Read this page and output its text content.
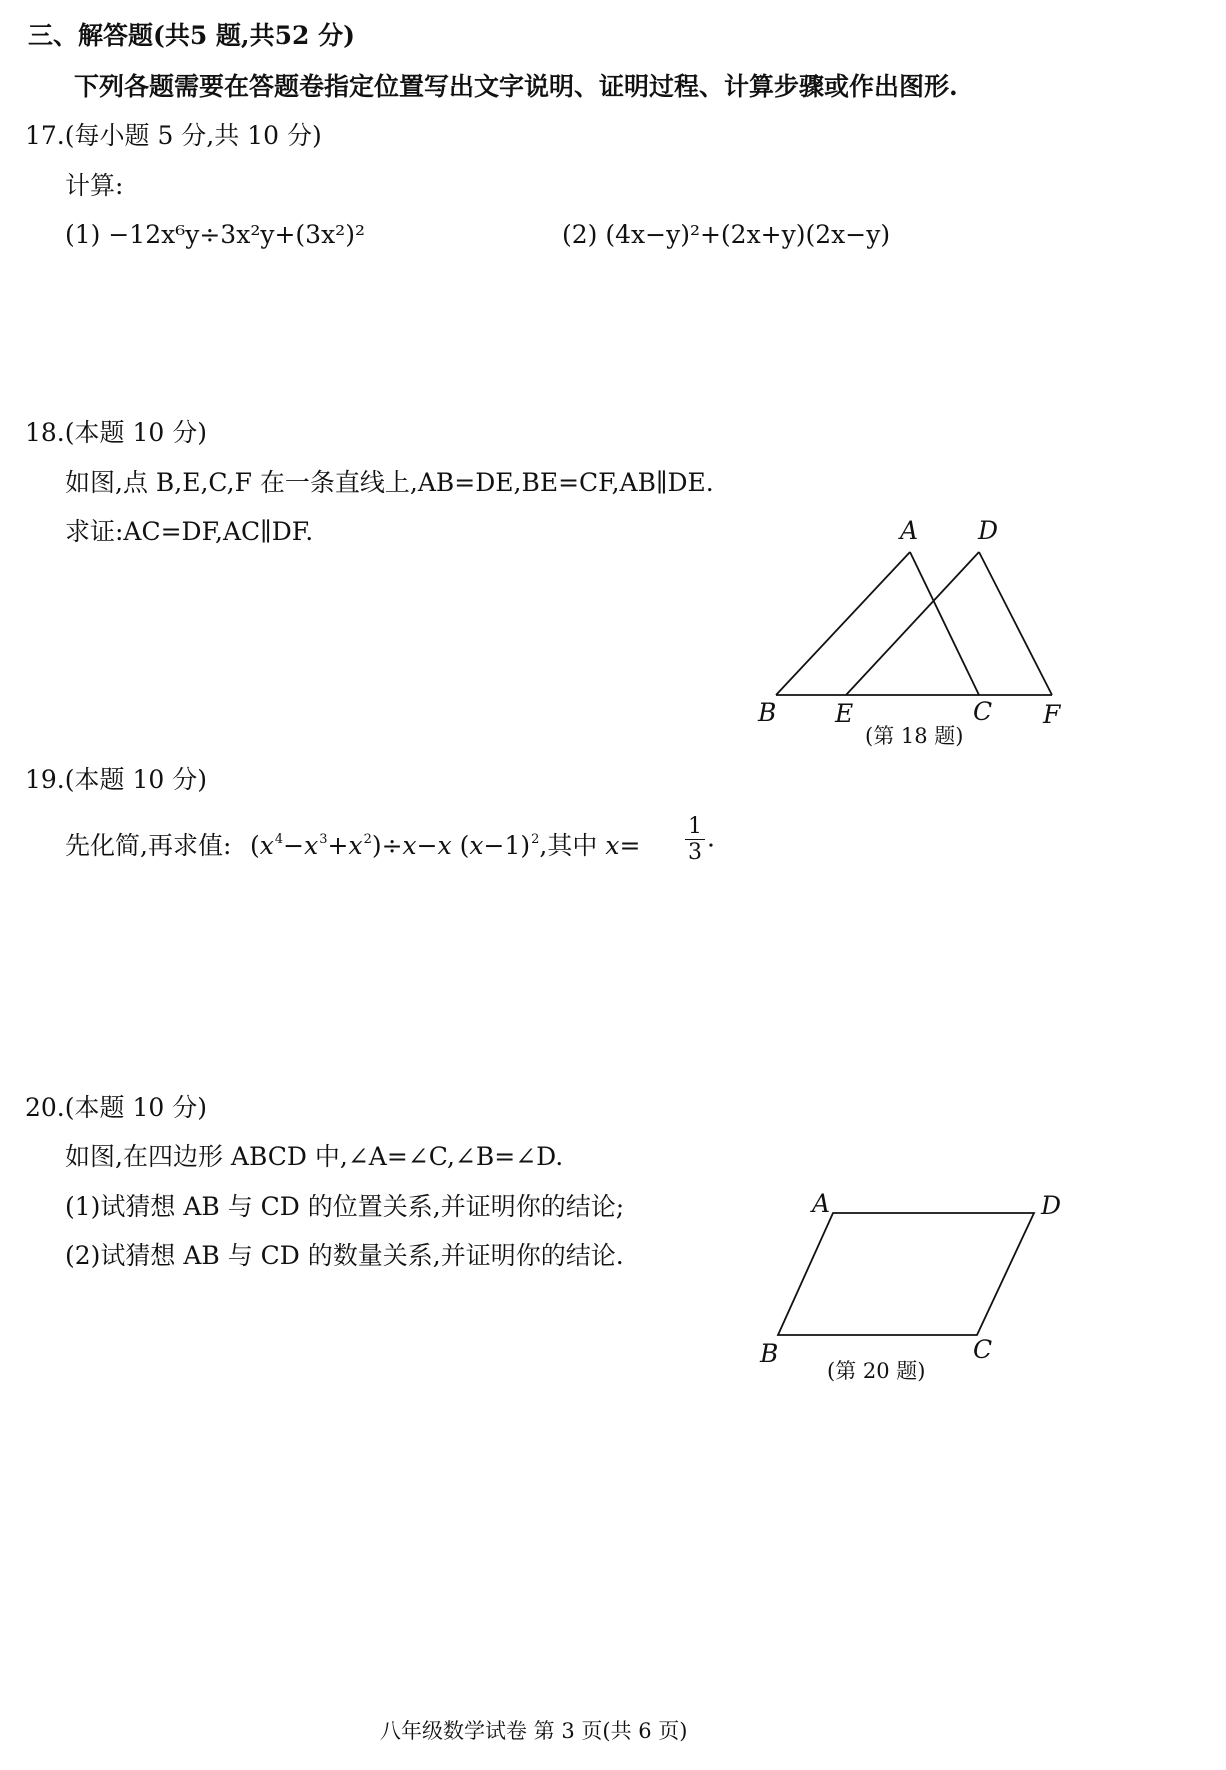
三、解答题(共5 题,共52 分)
下列各题需要在答题卷指定位置写出文字说明、证明过程、计算步骤或作出图形.
17.(每小题 5 分,共 10 分)
计算:
(1) −12x⁶y÷3x²y+(3x²)²	(2) (4x−y)²+(2x+y)(2x−y)
18.(本题 10 分)
如图,点 B,E,C,F 在一条直线上,AB=DE,BE=CF,AB∥DE.
求证:AC=DF,AC∥DF.
19.(本题 10 分)
先化简,再求值: $(x^4-x^3+x^2)\div x-x$ $(x-1)^2$,其中 $x= \frac{1}{3}$ .
20.(本题 10 分)
如图,在四边形 ABCD 中,∠A=∠C,∠B=∠D.
(1)试猜想 AB 与 CD 的位置关系,并证明你的结论;
(2)试猜想 AB 与 CD 的数量关系,并证明你的结论.
A D
B E	C F
(第 18 题)
A	D
B	C
(第 20 题)
八年级数学试卷 第 3 页(共 6 页)
